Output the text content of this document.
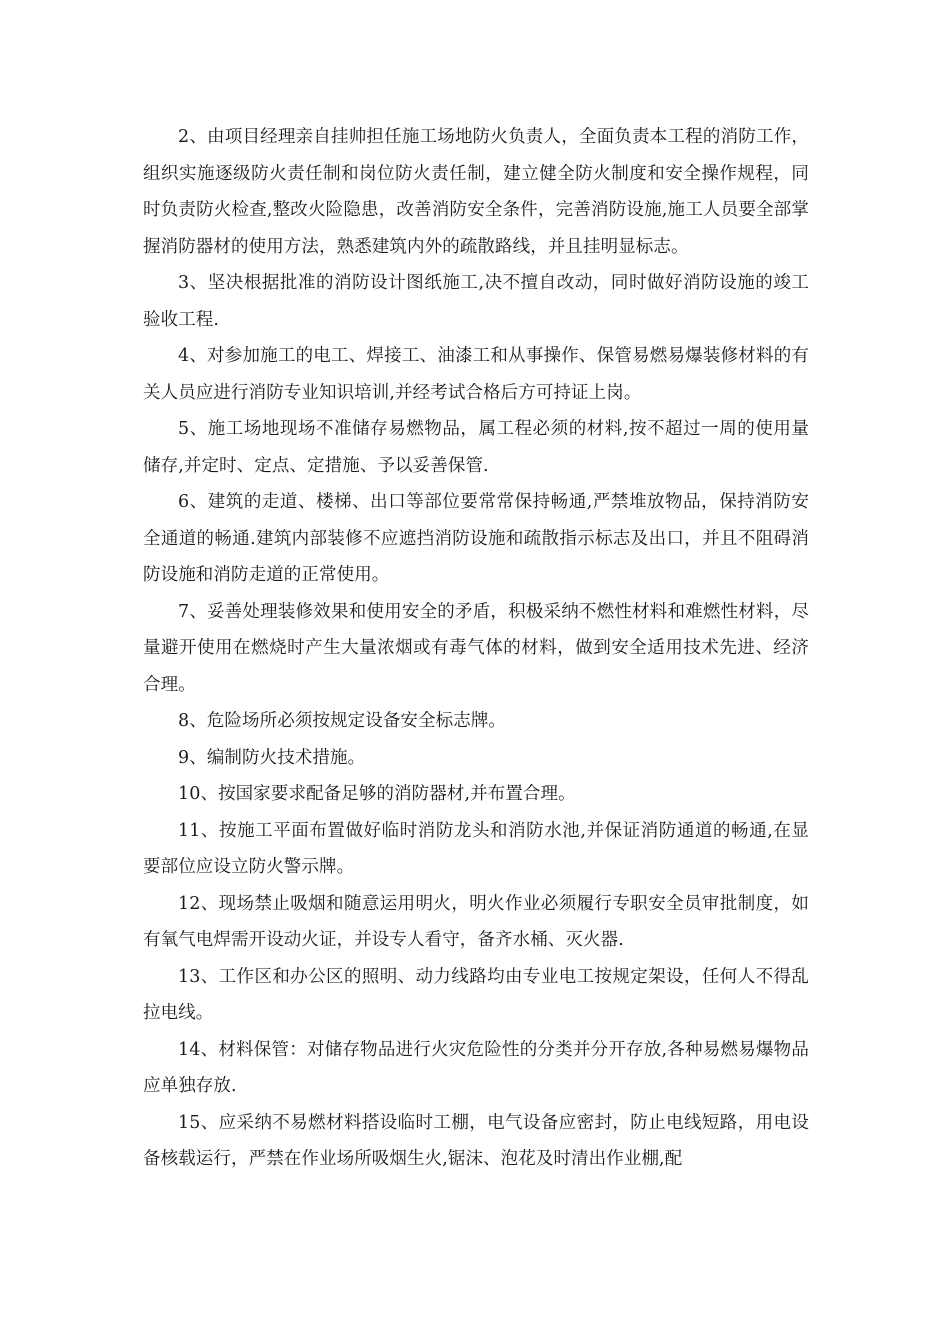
2、由项目经理亲自挂帅担任施工场地防火负责人，全面负责本工程的消防工作，组织实施逐级防火责任制和岗位防火责任制，建立健全防火制度和安全操作规程，同时负责防火检查,整改火险隐患，改善消防安全条件，完善消防设施,施工人员要全部掌握消防器材的使用方法，熟悉建筑内外的疏散路线，并且挂明显标志。

3、坚决根据批准的消防设计图纸施工,决不擅自改动，同时做好消防设施的竣工验收工程.

4、对参加施工的电工、焊接工、油漆工和从事操作、保管易燃易爆装修材料的有关人员应进行消防专业知识培训,并经考试合格后方可持证上岗。

5、施工场地现场不准储存易燃物品，属工程必须的材料,按不超过一周的使用量储存,并定时、定点、定措施、予以妥善保管.

6、建筑的走道、楼梯、出口等部位要常常保持畅通,严禁堆放物品，保持消防安全通道的畅通.建筑内部装修不应遮挡消防设施和疏散指示标志及出口，并且不阻碍消防设施和消防走道的正常使用。

7、妥善处理装修效果和使用安全的矛盾，积极采纳不燃性材料和难燃性材料，尽量避开使用在燃烧时产生大量浓烟或有毒气体的材料，做到安全适用技术先进、经济合理。

8、危险场所必须按规定设备安全标志牌。

9、编制防火技术措施。

10、按国家要求配备足够的消防器材,并布置合理。

11、按施工平面布置做好临时消防龙头和消防水池,并保证消防通道的畅通,在显要部位应设立防火警示牌。

12、现场禁止吸烟和随意运用明火，明火作业必须履行专职安全员审批制度，如有氧气电焊需开设动火证，并设专人看守，备齐水桶、灭火器.

13、工作区和办公区的照明、动力线路均由专业电工按规定架设，任何人不得乱拉电线。

14、材料保管：对储存物品进行火灾危险性的分类并分开存放,各种易燃易爆物品应单独存放.

15、应采纳不易燃材料搭设临时工棚，电气设备应密封，防止电线短路，用电设备核载运行，严禁在作业场所吸烟生火,锯沫、泡花及时清出作业棚,配
